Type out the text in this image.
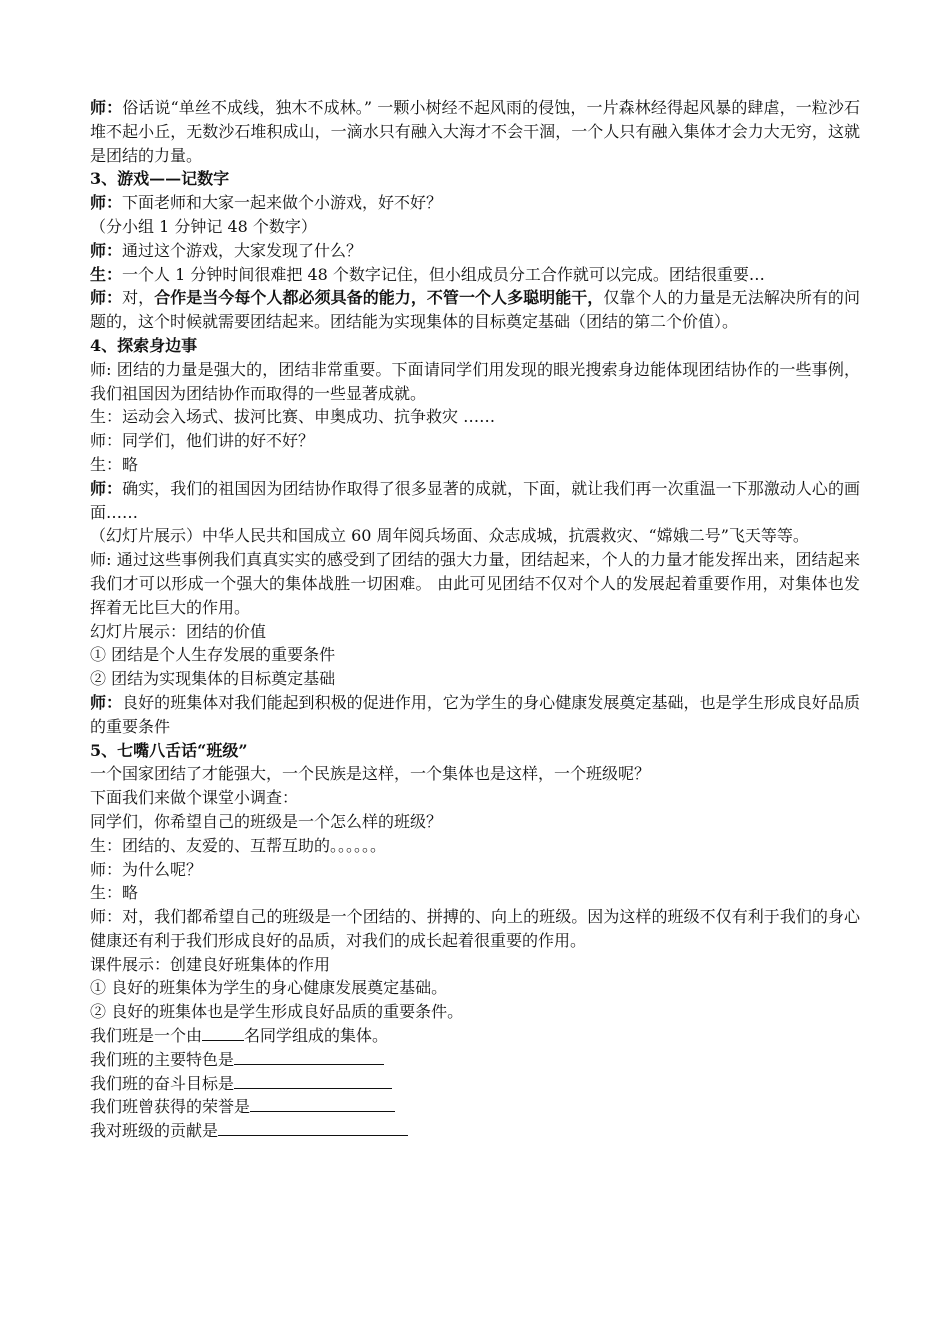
师：俗话说“单丝不成线，独木不成林。” 一颗小树经不起风雨的侵蚀，一片森林经得起风暴的肆虐，一粒沙石堆不起小丘，无数沙石堆积成山，一滴水只有融入大海才不会干涸，一个人只有融入集体才会力大无穷，这就是团结的力量。

3、游戏——记数字

师：下面老师和大家一起来做个小游戏，好不好？

（分小组 1 分钟记 48 个数字）

师：通过这个游戏，大家发现了什么？

生：一个人 1 分钟时间很难把 48 个数字记住，但小组成员分工合作就可以完成。团结很重要…

师：对，合作是当今每个人都必须具备的能力，不管一个人多聪明能干，仅靠个人的力量是无法解决所有的问题的，这个时候就需要团结起来。团结能为实现集体的目标奠定基础（团结的第二个价值）。

4、探索身边事

师: 团结的力量是强大的，团结非常重要。下面请同学们用发现的眼光搜索身边能体现团结协作的一些事例，我们祖国因为团结协作而取得的一些显著成就。

生：运动会入场式、拔河比赛、申奥成功、抗争救灾 ……

师：同学们，他们讲的好不好？

生：略

师：确实，我们的祖国因为团结协作取得了很多显著的成就，下面，就让我们再一次重温一下那激动人心的画面……

（幻灯片展示）中华人民共和国成立 60 周年阅兵场面、众志成城，抗震救灾、“嫦娥二号”飞天等等。

师: 通过这些事例我们真真实实的感受到了团结的强大力量，团结起来，个人的力量才能发挥出来，团结起来我们才可以形成一个强大的集体战胜一切困难。 由此可见团结不仅对个人的发展起着重要作用，对集体也发挥着无比巨大的作用。

幻灯片展示：团结的价值

① 团结是个人生存发展的重要条件

② 团结为实现集体的目标奠定基础

师：良好的班集体对我们能起到积极的促进作用，它为学生的身心健康发展奠定基础，也是学生形成良好品质的重要条件

5、七嘴八舌话“班级”

一个国家团结了才能强大，一个民族是这样，一个集体也是这样，一个班级呢？

下面我们来做个课堂小调查：

同学们，你希望自己的班级是一个怎么样的班级？

生：团结的、友爱的、互帮互助的。。。。。。

师：为什么呢？

生：略

师：对，我们都希望自己的班级是一个团结的、拼搏的、向上的班级。因为这样的班级不仅有利于我们的身心健康还有利于我们形成良好的品质，对我们的成长起着很重要的作用。

课件展示：创建良好班集体的作用

① 良好的班集体为学生的身心健康发展奠定基础。

② 良好的班集体也是学生形成良好品质的重要条件。

我们班是一个由	名同学组成的集体。

我们班的主要特色是

我们班的奋斗目标是

我们班曾获得的荣誉是

我对班级的贡献是
